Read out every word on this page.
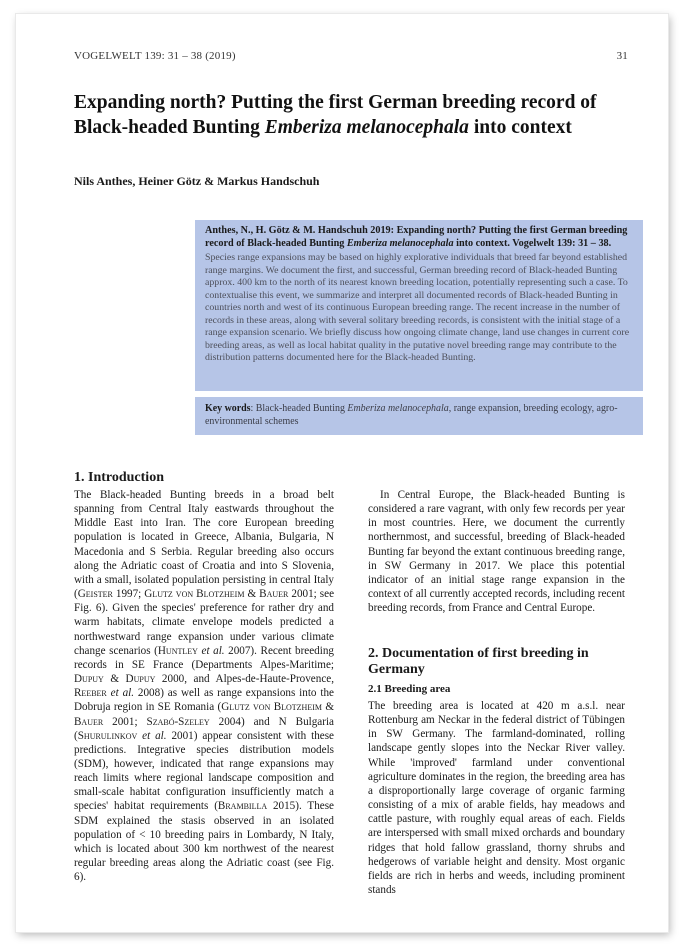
VOGELWELT 139: 31 – 38 (2019)	31
Expanding north? Putting the first German breeding record of Black-headed Bunting Emberiza melanocephala into context
Nils Anthes, Heiner Götz & Markus Handschuh

Anthes, N., H. Götz & M. Handschuh 2019: Expanding north? Putting the first German breeding record of Black-headed Bunting Emberiza melanocephala into context. Vogelwelt 139: 31 – 38.

Species range expansions may be based on highly explorative individuals that breed far beyond established range margins. We document the first, and successful, German breeding record of Black-headed Bunting approx. 400 km to the north of its nearest known breeding location, potentially representing such a case. To contextualise this event, we summarize and interpret all documented records of Black-headed Bunting in countries north and west of its continuous European breeding range. The recent increase in the number of records in these areas, along with several solitary breeding records, is consistent with the initial stage of a range expansion scenario. We briefly discuss how ongoing climate change, land use changes in current core breeding areas, as well as local habitat quality in the putative novel breeding range may contribute to the distribution patterns documented here for the Black-headed Bunting.

Key words: Black-headed Bunting Emberiza melanocephala, range expansion, breeding ecology, agro-environmental schemes
1. Introduction

The Black-headed Bunting breeds in a broad belt spanning from Central Italy eastwards throughout the Middle East into Iran. The core European breeding population is located in Greece, Albania, Bulgaria, N Macedonia and S Serbia. Regular breeding also occurs along the Adriatic coast of Croatia and into S Slovenia, with a small, isolated population persisting in central Italy (Geister 1997; Glutz von Blotzheim & Bauer 2001; see Fig. 6). Given the species' preference for rather dry and warm habitats, climate envelope models predicted a northwestward range expansion under various climate change scenarios (Huntley et al. 2007). Recent breeding records in SE France (Departments Alpes-Maritime; Dupuy & Dupuy 2000, and Alpes-de-Haute-Provence, Reeber et al. 2008) as well as range expansions into the Dobruja region in SE Romania (Glutz von Blotzheim & Bauer 2001; Szabó-Szeley 2004) and N Bulgaria (Shurulinkov et al. 2001) appear consistent with these predictions. Integrative species distribution models (SDM), however, indicated that range expansions may reach limits where regional landscape composition and small-scale habitat configuration insufficiently match a species' habitat requirements (Brambilla 2015). These SDM explained the stasis observed in an isolated population of < 10 breeding pairs in Lombardy, N Italy, which is located about 300 km northwest of the nearest regular breeding areas along the Adriatic coast (see Fig. 6).

In Central Europe, the Black-headed Bunting is considered a rare vagrant, with only few records per year in most countries. Here, we document the currently northernmost, and successful, breeding of Black-headed Bunting far beyond the extant continuous breeding range, in SW Germany in 2017. We place this potential indicator of an initial stage range expansion in the context of all currently accepted records, including recent breeding records, from France and Central Europe.

2. Documentation of first breeding in Germany
2.1 Breeding area

The breeding area is located at 420 m a.s.l. near Rottenburg am Neckar in the federal district of Tübingen in SW Germany. The farmland-dominated, rolling landscape gently slopes into the Neckar River valley. While 'improved' farmland under conventional agriculture dominates in the region, the breeding area has a disproportionally large coverage of organic farming consisting of a mix of arable fields, hay meadows and cattle pasture, with roughly equal areas of each. Fields are interspersed with small mixed orchards and boundary ridges that hold fallow grassland, thorny shrubs and hedgerows of variable height and density. Most organic fields are rich in herbs and weeds, including prominent stands
